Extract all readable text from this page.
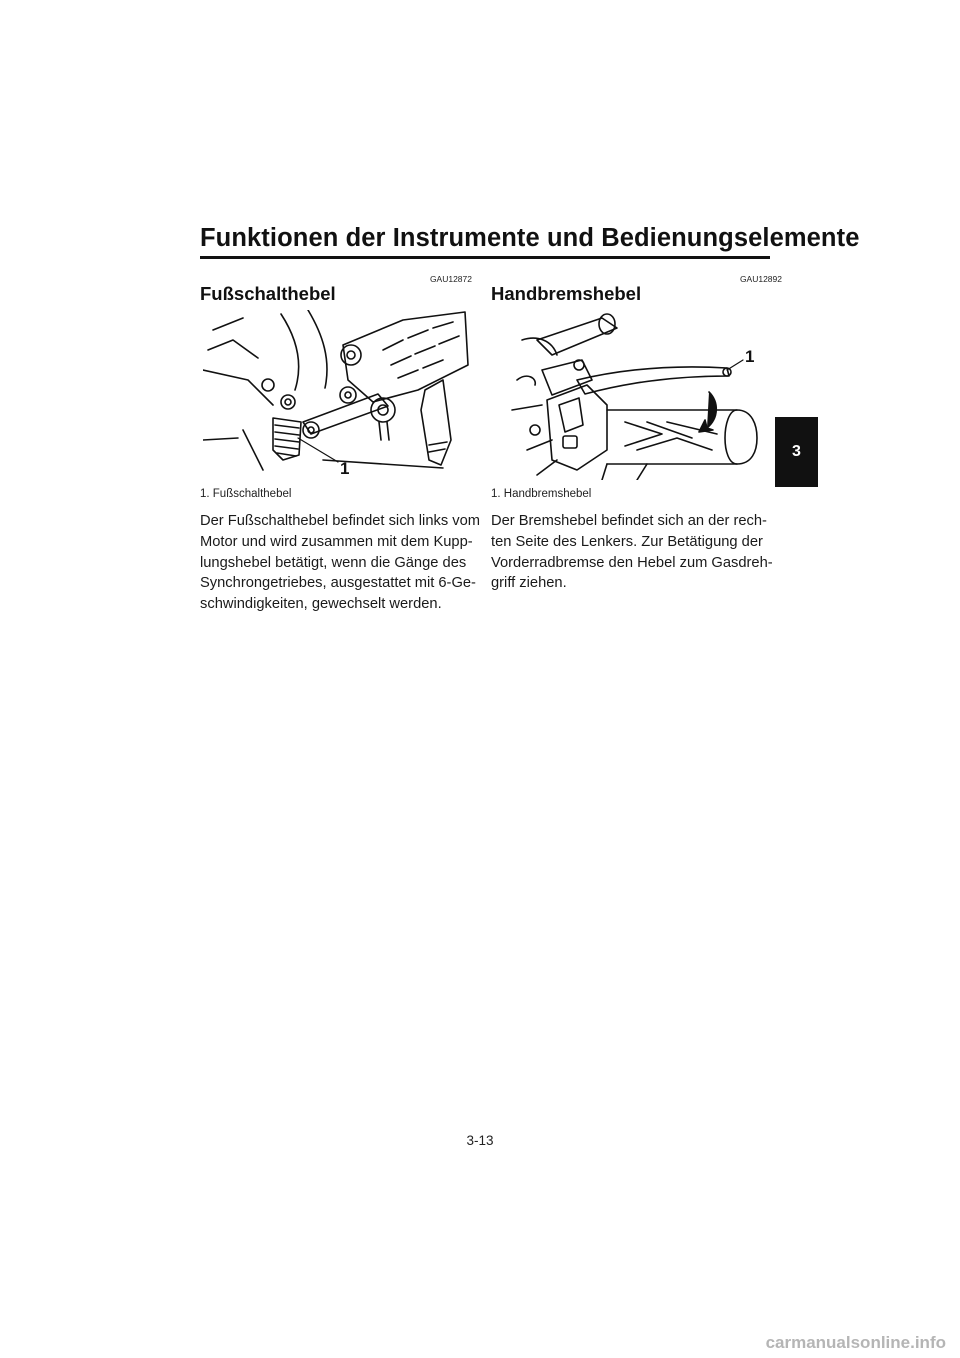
Funktionen der Instrumente und Bedienungselemente
3
GAU12872
Fußschalthebel
1
1. Fußschalthebel
Der Fußschalthebel befindet sich links vom
Motor und wird zusammen mit dem Kupp-
lungshebel betätigt, wenn die Gänge des
Synchrongetriebes, ausgestattet mit 6-Ge-
schwindigkeiten, gewechselt werden.
GAU12892
Handbremshebel
1
1. Handbremshebel
Der Bremshebel befindet sich an der rech-
ten Seite des Lenkers. Zur Betätigung der
Vorderradbremse den Hebel zum Gasdreh-
griff ziehen.
3-13
carmanualsonline.info
